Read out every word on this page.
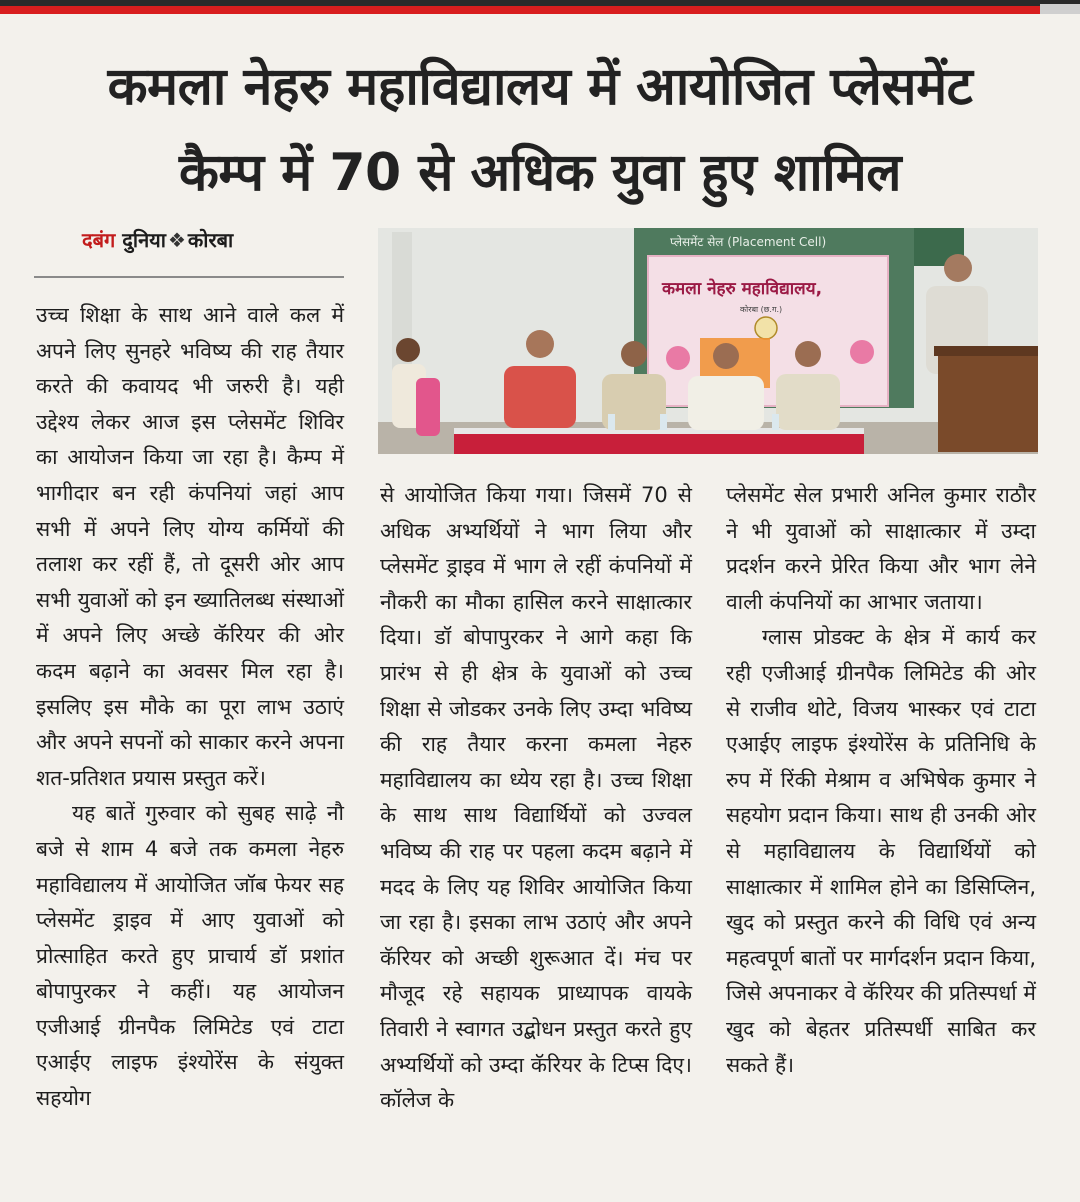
कमला नेहरु महाविद्यालय में आयोजित प्लेसमेंट
कैम्प में 70 से अधिक युवा हुए शामिल
दबंग दुनिया ❖ कोरबा	प्लेसमेंट सेल (Placement Cell)
कमला नेहरु महाविद्यालय,
कोरबा (छ.ग.)

उच्च शिक्षा के साथ आने वाले कल में अपने लिए सुनहरे भविष्य की राह तैयार करते की कवायद भी जरुरी है। यही उद्देश्य लेकर आज इस प्लेसमेंट शिविर का आयोजन किया जा रहा है। कैम्प में भागीदार बन रही कंपनियां जहां आप सभी में अपने लिए योग्य कर्मियों की तलाश कर रहीं हैं, तो दूसरी ओर आप सभी युवाओं को इन ख्यातिलब्ध संस्थाओं में अपने लिए अच्छे कॅरियर की ओर कदम बढ़ाने का अवसर मिल रहा है। इसलिए इस मौके का पूरा लाभ उठाएं और अपने सपनों को साकार करने अपना शत-प्रतिशत प्रयास प्रस्तुत करें।

यह बातें गुरुवार को सुबह साढ़े नौ बजे से शाम 4 बजे तक कमला नेहरु महाविद्यालय में आयोजित जॉब फेयर सह प्लेसमेंट ड्राइव में आए युवाओं को प्रोत्साहित करते हुए प्राचार्य डॉ प्रशांत बोपापुरकर ने कहीं। यह आयोजन एजीआई ग्रीनपैक लिमिटेड एवं टाटा एआईए लाइफ इंश्योरेंस के संयुक्त सहयोग

से आयोजित किया गया। जिसमें 70 से अधिक अभ्यर्थियों ने भाग लिया और प्लेसमेंट ड्राइव में भाग ले रहीं कंपनियों में नौकरी का मौका हासिल करने साक्षात्कार दिया। डॉ बोपापुरकर ने आगे कहा कि प्रारंभ से ही क्षेत्र के युवाओं को उच्च शिक्षा से जोडकर उनके लिए उम्दा भविष्य की राह तैयार करना कमला नेहरु महाविद्यालय का ध्येय रहा है। उच्च शिक्षा के साथ साथ विद्यार्थियों को उज्वल भविष्य की राह पर पहला कदम बढ़ाने में मदद के लिए यह शिविर आयोजित किया जा रहा है। इसका लाभ उठाएं और अपने कॅरियर को अच्छी शुरूआत दें। मंच पर मौजूद रहे सहायक प्राध्यापक वायके तिवारी ने स्वागत उद्बोधन प्रस्तुत करते हुए अभ्यर्थियों को उम्दा कॅरियर के टिप्स दिए। कॉलेज के

प्लेसमेंट सेल प्रभारी अनिल कुमार राठौर ने भी युवाओं को साक्षात्कार में उम्दा प्रदर्शन करने प्रेरित किया और भाग लेने वाली कंपनियों का आभार जताया।

ग्लास प्रोडक्ट के क्षेत्र में कार्य कर रही एजीआई ग्रीनपैक लिमिटेड की ओर से राजीव थोटे, विजय भास्कर एवं टाटा एआईए लाइफ इंश्योरेंस के प्रतिनिधि के रुप में रिंकी मेश्राम व अभिषेक कुमार ने सहयोग प्रदान किया। साथ ही उनकी ओर से महाविद्यालय के विद्यार्थियों को साक्षात्कार में शामिल होने का डिसिप्लिन, खुद को प्रस्तुत करने की विधि एवं अन्य महत्वपूर्ण बातों पर मार्गदर्शन प्रदान किया, जिसे अपनाकर वे कॅरियर की प्रतिस्पर्धा में खुद को बेहतर प्रतिस्पर्धी साबित कर सकते हैं।
